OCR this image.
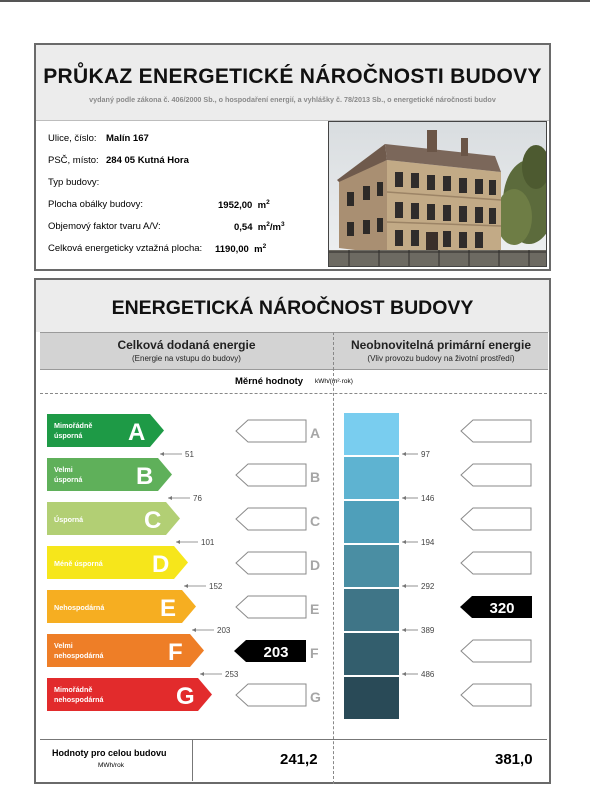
PRŮKAZ ENERGETICKÉ NÁROČNOSTI BUDOVY
vydaný podle zákona č. 406/2000 Sb., o hospodaření energií, a vyhlášky č. 78/2013 Sb., o energetické náročnosti budov
Ulice, číslo: Malín 167
PSČ, místo: 284 05 Kutná Hora
Typ budovy:
Plocha obálky budovy:	1952,00 $m^2$
Objemový faktor tvaru A/V:	0,54 $m^2/m^3$
Celková energeticky vztažná plocha: 1190,00 $m^2$
ENERGETICKÁ NÁROČNOST BUDOVY
Celková dodaná energie
(Energie na vstupu do budovy)
Neobnovitelná primární energie
(Vliv provozu budovy na životní prostředí)
Měrné hodnoty kWh/(m²·rok)
Mimořádně
úsporná A	A
Velmi
úsporná B	B
Úsporná	C	C
Méně úsporná D	D
Nehospodárná E	E
Velmi
nehospodárná	F	F
Mimořádně
nehospodárná	G	G
51
76
101
152
203
253
97
146
194
292
389
486
203
320
Hodnoty pro celou budovu
MWh/rok	241,2	381,0
